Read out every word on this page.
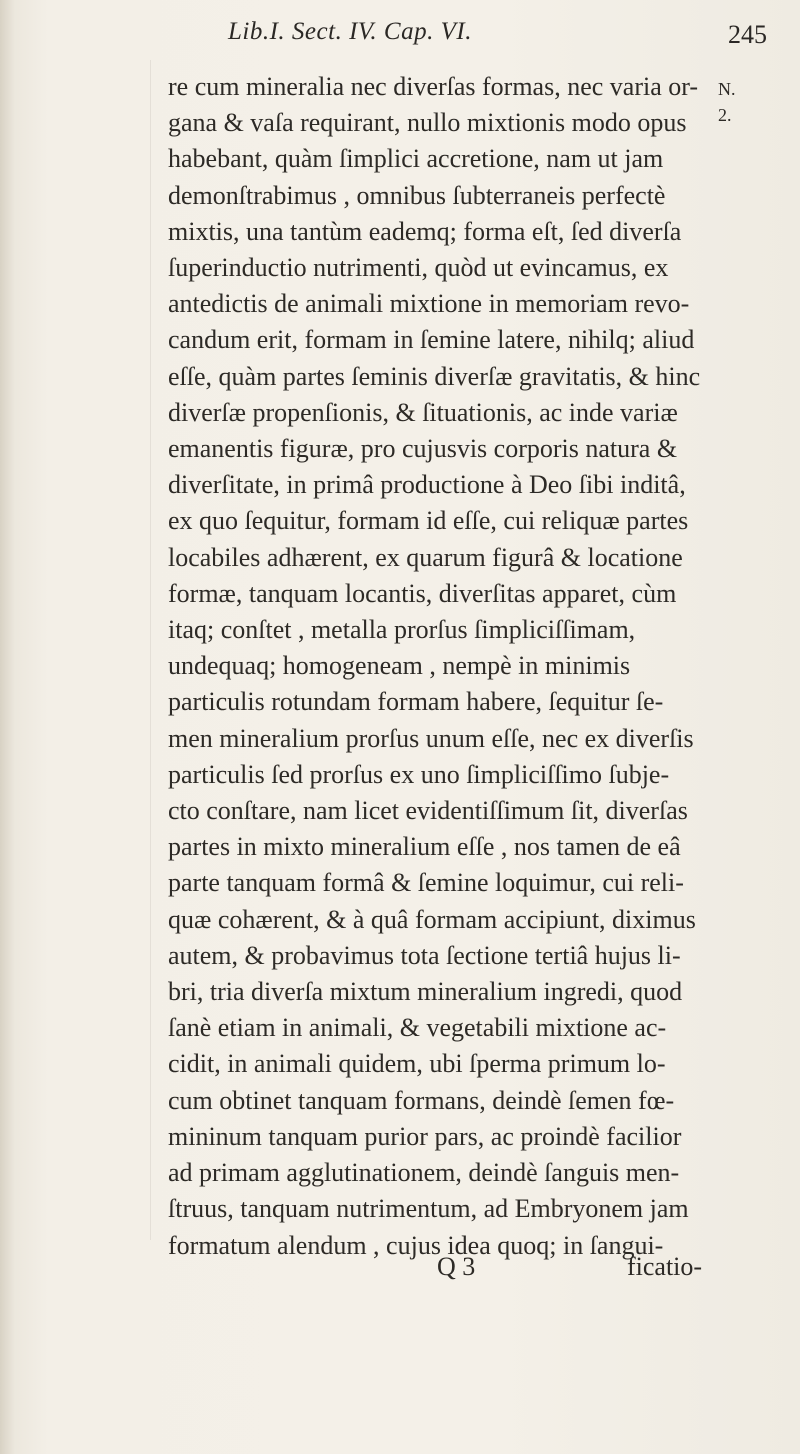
Lib.I. Sect. IV. Cap. VI.	245
N.
2.
re cum mineralia nec diverſas formas, nec varia or-
gana & vaſa requirant, nullo mixtionis modo opus
habebant, quàm ſimplici accretione, nam ut jam
demonſtrabimus , omnibus ſubterraneis perfectè
mixtis, una tantùm eademq; forma eſt, ſed diverſa
ſuperinductio nutrimenti, quòd ut evincamus, ex
antedictis de animali mixtione in memoriam revo-
candum erit, formam in ſemine latere, nihilq; aliud
eſſe, quàm partes ſeminis diverſæ gravitatis, & hinc
diverſæ propenſionis, & ſituationis, ac inde variæ
emanentis figuræ, pro cujusvis corporis natura &
diverſitate, in primâ productione à Deo ſibi inditâ,
ex quo ſequitur, formam id eſſe, cui reliquæ partes
locabiles adhærent, ex quarum figurâ & locatione
formæ, tanquam locantis, diverſitas apparet, cùm
itaq; conſtet , metalla prorſus ſimpliciſſimam,
undequaq; homogeneam , nempè in minimis
particulis rotundam formam habere, ſequitur ſe-
men mineralium prorſus unum eſſe, nec ex diverſis
particulis ſed prorſus ex uno ſimpliciſſimo ſubje-
cto conſtare, nam licet evidentiſſimum ſit, diverſas
partes in mixto mineralium eſſe , nos tamen de eâ
parte tanquam formâ & ſemine loquimur, cui reli-
quæ cohærent, & à quâ formam accipiunt, diximus
autem, & probavimus tota ſectione tertiâ hujus li-
bri, tria diverſa mixtum mineralium ingredi, quod
ſanè etiam in animali, & vegetabili mixtione ac-
cidit, in animali quidem, ubi ſperma primum lo-
cum obtinet tanquam formans, deindè ſemen fœ-
mininum tanquam purior pars, ac proindè facilior
ad primam agglutinationem, deindè ſanguis men-
ſtruus, tanquam nutrimentum, ad Embryonem jam
formatum alendum , cujus idea quoq; in ſangui-
Q 3	ficatio-
